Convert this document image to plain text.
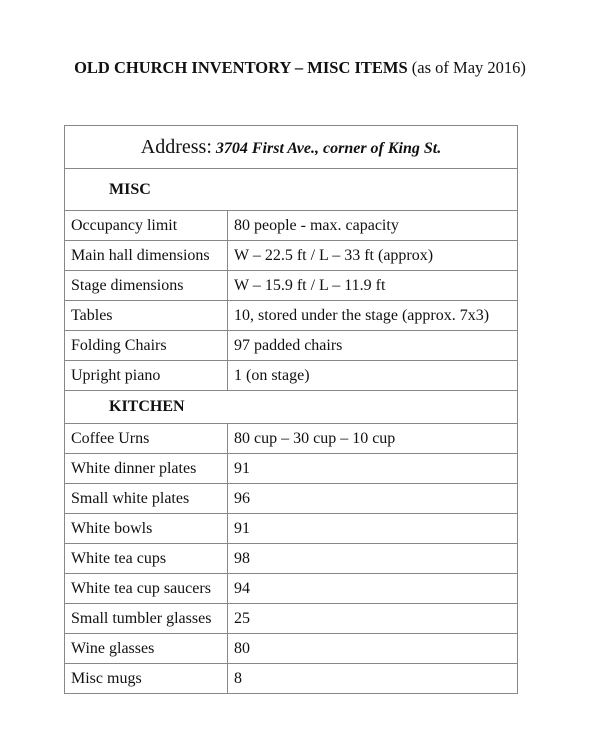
OLD CHURCH INVENTORY – MISC ITEMS (as of May 2016)
Address: 3704 First Ave., corner of King St.	
MISC	
Occupancy limit	80 people - max. capacity
Main hall dimensions	W – 22.5 ft / L – 33 ft (approx)
Stage dimensions	W – 15.9 ft / L – 11.9 ft
Tables	10, stored under the stage (approx. 7x3)
Folding Chairs	97 padded chairs
Upright piano	1 (on stage)
KITCHEN	
Coffee Urns	80 cup – 30 cup – 10 cup
White dinner plates	91
Small white plates	96
White bowls	91
White tea cups	98
White tea cup saucers	94
Small tumbler glasses	25
Wine glasses	80
Misc mugs	8
